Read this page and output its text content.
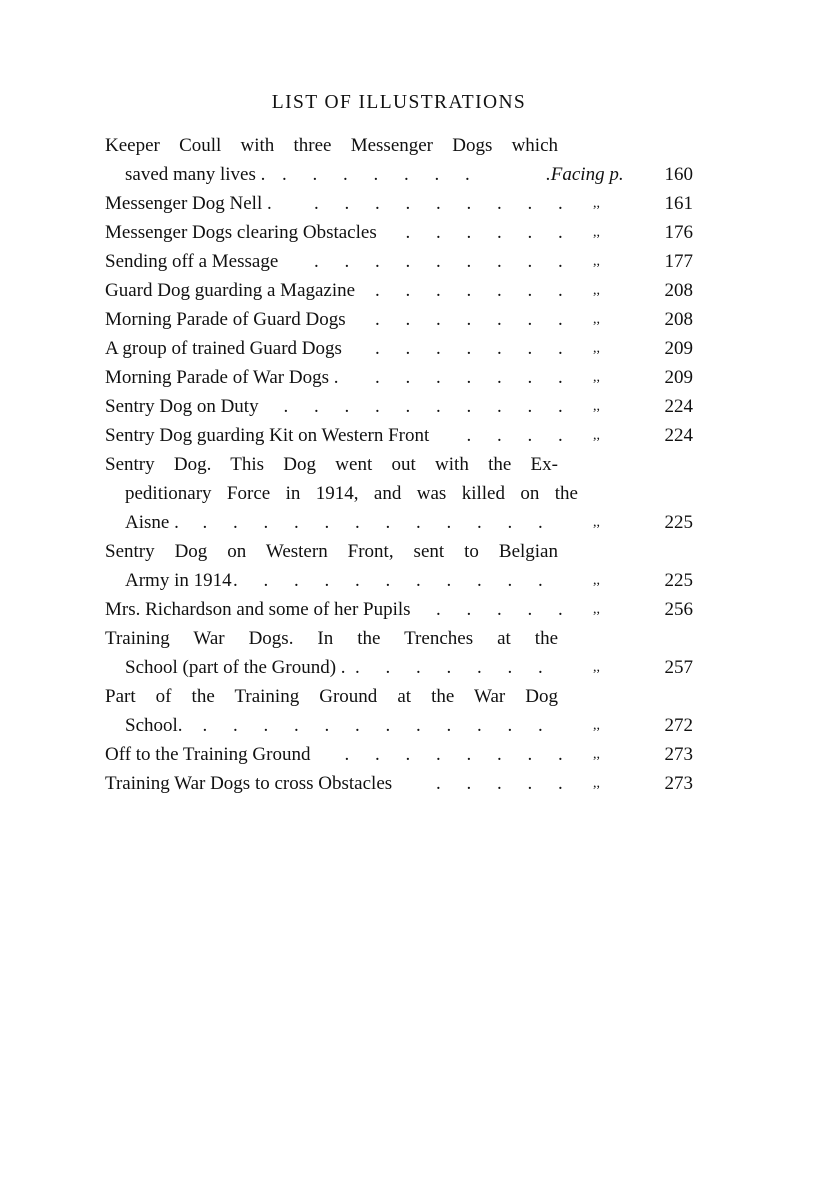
LIST OF ILLUSTRATIONS
Keeper Coull with three Messenger Dogs which
saved many lives .	.Facing p. 160
.
.
.
.
.
.
.
Messenger Dog Nell .	,,	161
.
.
.
.
.
.
.
.
.
Messenger Dogs clearing Obstacles	,,	176
.
.
.
.
.
.
Sending off a Message	,,	177
.
.
.
.
.
.
.
.
.
Guard Dog guarding a Magazine	,,	208
.
.
.
.
.
.
.
Morning Parade of Guard Dogs	,,	208
.
.
.
.
.
.
.
A group of trained Guard Dogs	,,	209
.
.
.
.
.
.
.
Morning Parade of War Dogs .	,,	209
.
.
.
.
.
.
.
Sentry Dog on Duty	,,	224
.
.
.
.
.
.
.
.
.
.
Sentry Dog guarding Kit on Western Front	,,	224
.
.
.
.
Sentry Dog. This Dog went out with the Ex-
peditionary Force in 1914, and was killed on the
Aisne .	,,	225
.
.
.
.
.
.
.
.
.
.
.
.
Sentry Dog on Western Front, sent to Belgian
Army in 1914	,,	225
.
.
.
.
.
.
.
.
.
.
.
Mrs. Richardson and some of her Pupils	,,	256
.
.
.
.
.
Training War Dogs. In the Trenches at the
School (part of the Ground) .	,,	257
.
.
.
.
.
.
.
Part of the Training Ground at the War Dog
School.	,,	272
.
.
.
.
.
.
.
.
.
.
.
.
Off to the Training Ground	,,	273
.
.
.
.
.
.
.
.
Training War Dogs to cross Obstacles	,,	273
.
.
.
.
.
